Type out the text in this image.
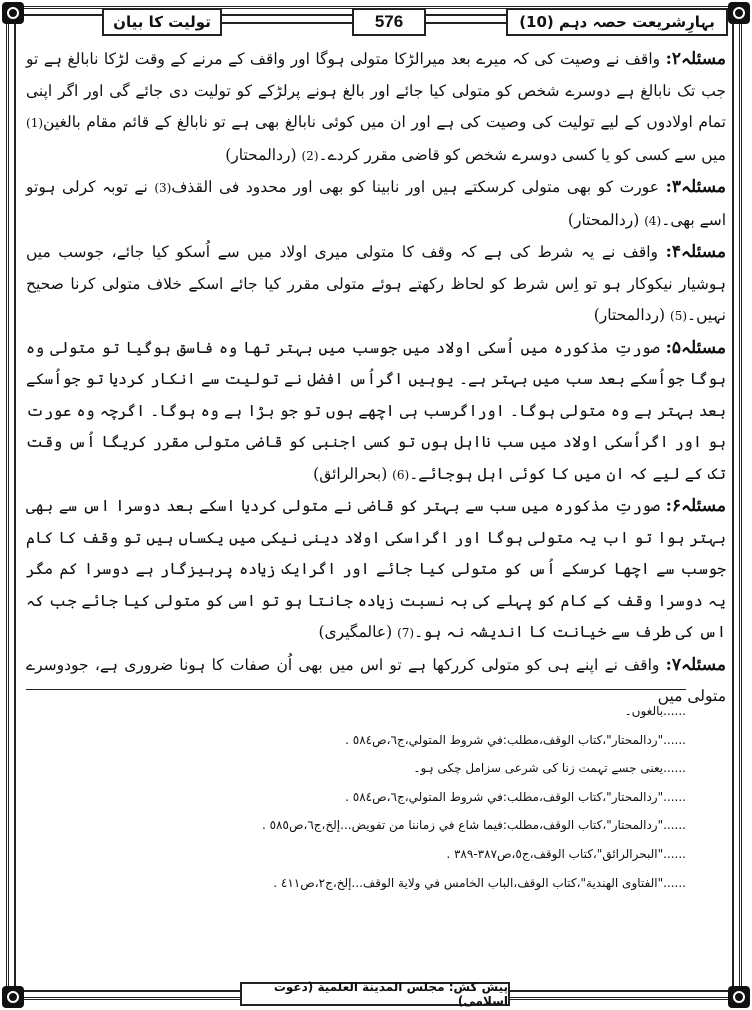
بہارِشریعت حصہ دہم (10)
576
تولیت کا بیان

مسئلہ۲: واقف نے وصیت کی کہ میرے بعد میرالڑکا متولی ہوگا اور واقف کے مرنے کے وقت لڑکا نابالغ ہے تو جب تک نابالغ ہے دوسرے شخص کو متولی کیا جائے اور بالغ ہونے پرلڑکے کو تولیت دی جائے گی اور اگر اپنی تمام اولادوں کے لیے تولیت کی وصیت کی ہے اور ان میں کوئی نابالغ بھی ہے تو نابالغ کے قائم مقام بالغین(1) میں سے کسی کو یا کسی دوسرے شخص کو قاضی مقرر کردے۔(2) (ردالمحتار)

مسئلہ۳: عورت کو بھی متولی کرسکتے ہیں اور نابینا کو بھی اور محدود فی القذف(3) نے توبہ کرلی ہوتو اسے بھی۔(4) (ردالمحتار)

مسئلہ۴: واقف نے یہ شرط کی ہے کہ وقف کا متولی میری اولاد میں سے اُسکو کیا جائے، جوسب میں ہوشیار نیکوکار ہو تو اِس شرط کو لحاظ رکھتے ہوئے متولی مقرر کیا جائے اسکے خلاف متولی کرنا صحیح نہیں۔(5) (ردالمحتار)

مسئلہ۵: صورتِ مذکورہ میں اُسکی اولاد میں جوسب میں بہتر تھا وہ فاسق ہوگیا تو متولی وہ ہوگا جواُسکے بعد سب میں بہتر ہے۔ یوہیں اگراُس افضل نے تولیت سے انکار کردیا تو جواُسکے بعد بہتر ہے وہ متولی ہوگا۔ اوراگرسب ہی اچھے ہوں تو جو بڑا ہے وہ ہوگا۔ اگرچہ وہ عورت ہو اور اگراُسکی اولاد میں سب نااہل ہوں تو کسی اجنبی کو قاضی متولی مقرر کریگا اُس وقت تک کے لیے کہ ان میں کا کوئی اہل ہوجائے۔(6) (بحرالرائق)

مسئلہ۶: صورتِ مذکورہ میں سب سے بہتر کو قاضی نے متولی کردیا اسکے بعد دوسرا اس سے بھی بہتر ہوا تو اب یہ متولی ہوگا اور اگراسکی اولاد دینی نیکی میں یکساں ہیں تو وقف کا کام جوسب سے اچھا کرسکے اُس کو متولی کیا جائے اور اگرایک زیادہ پرہیزگار ہے دوسرا کم مگر یہ دوسرا وقف کے کام کو پہلے کی بہ نسبت زیادہ جانتا ہو تو اسی کو متولی کیا جائے جب کہ اس کی طرف سے خیانت کا اندیشہ نہ ہو۔(7) (عالمگیری)

مسئلہ۷: واقف نے اپنے ہی کو متولی کررکھا ہے تو اس میں بھی اُن صفات کا ہونا ضروری ہے، جودوسرے متولی میں

......بالغوں۔
......"ردالمحتار"،كتاب الوقف،مطلب:في شروط المتولي،ج٦،ص٥٨٤ .
......یعنی جسے تہمت زنا کی شرعی سزامل چکی ہو۔
......"ردالمحتار"،كتاب الوقف،مطلب:في شروط المتولي،ج٦،ص٥٨٤ .
......"ردالمحتار"،كتاب الوقف،مطلب:فيما شاع في زماننا من تفويض...إلخ،ج٦،ص٥٨٥ .
......"البحرالرائق"،كتاب الوقف،ج٥،ص٣٨٧-٣٨٩ .
......"الفتاوى الهندية"،كتاب الوقف،الباب الخامس في ولاية الوقف...إلخ،ج٢،ص٤١١ .
پیش کش: مجلس المدينة العلمية (دعوت اسلامی)
